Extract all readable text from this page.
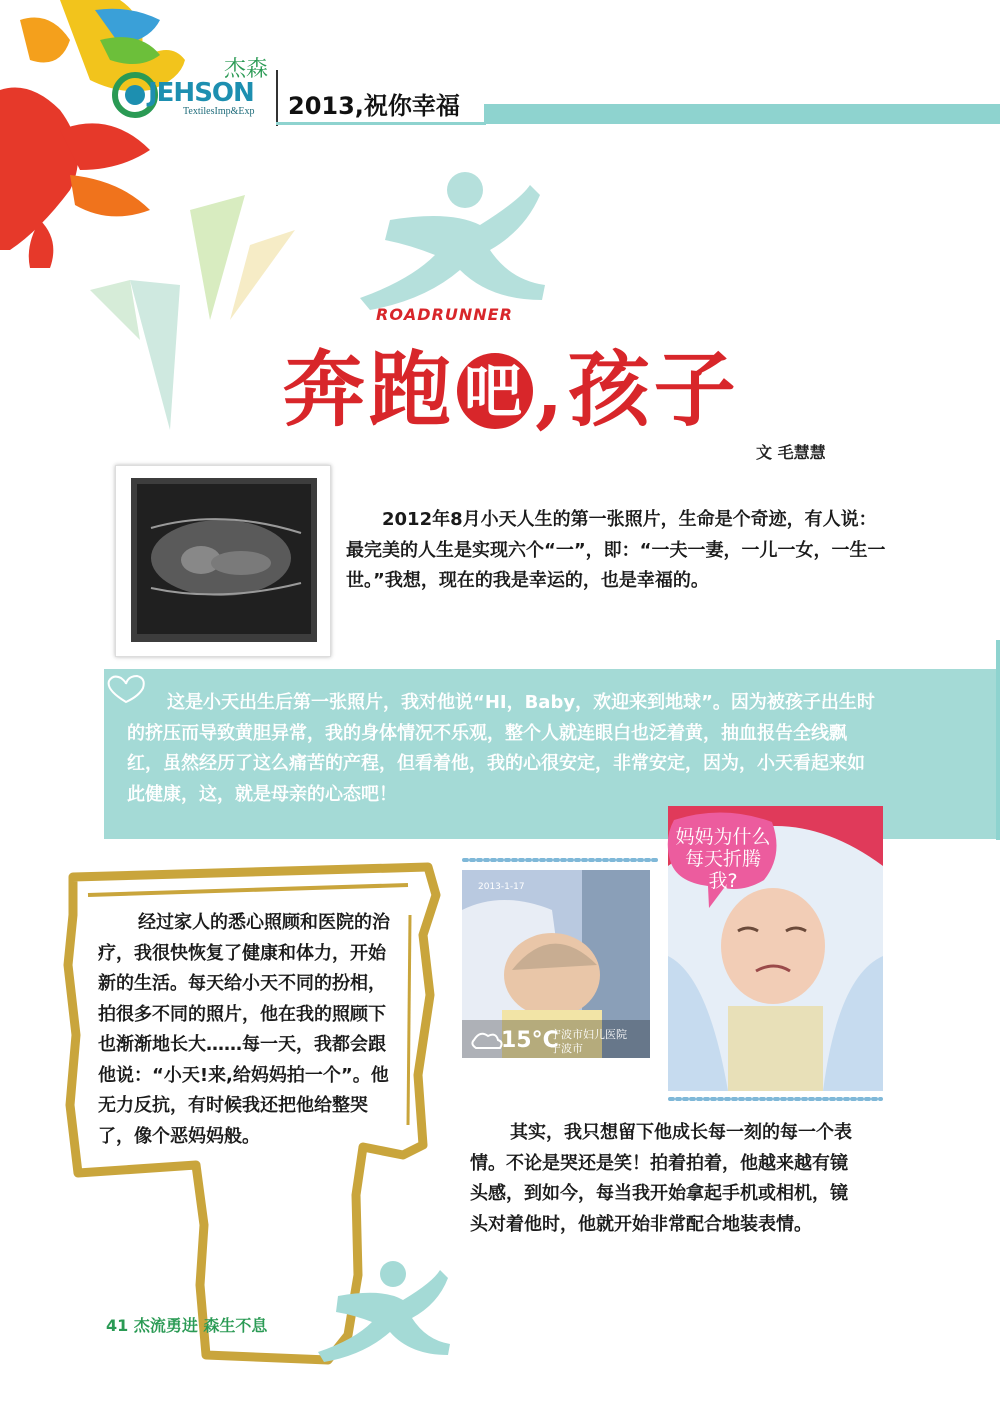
JEHSON
杰森
TextilesImp&Exp 2013,祝你幸福
ROADRUNNER
奔跑 吧 ,孩子
文 毛慧慧
2012年8月小天人生的第一张照片，生命是个奇迹，有人说：最完美的人生是实现六个“一”，即：“一夫一妻，一儿一女，一生一世。”我想，现在的我是幸运的，也是幸福的。
这是小天出生后第一张照片，我对他说“HI，Baby，欢迎来到地球”。因为被孩子出生时的挤压而导致黄胆异常，我的身体情况不乐观，整个人就连眼白也泛着黄，抽血报告全线飘红，虽然经历了这么痛苦的产程，但看着他，我的心很安定，非常安定，因为，小天看起来如此健康，这，就是母亲的心态吧！
经过家人的悉心照顾和医院的治疗，我很快恢复了健康和体力，开始新的生活。每天给小天不同的扮相，拍很多不同的照片，他在我的照顾下也渐渐地长大……每一天，我都会跟他说：“小天!来,给妈妈拍一个”。他无力反抗，有时候我还把他给整哭了，像个恶妈妈般。
2013-1-17
15°C
宁波市妇儿医院 宁波市
妈妈为什么每天折腾我?
其实，我只想留下他成长每一刻的每一个表情。不论是哭还是笑！拍着拍着，他越来越有镜头感，到如今，每当我开始拿起手机或相机，镜头对着他时，他就开始非常配合地装表情。
41 杰流勇进 森生不息
